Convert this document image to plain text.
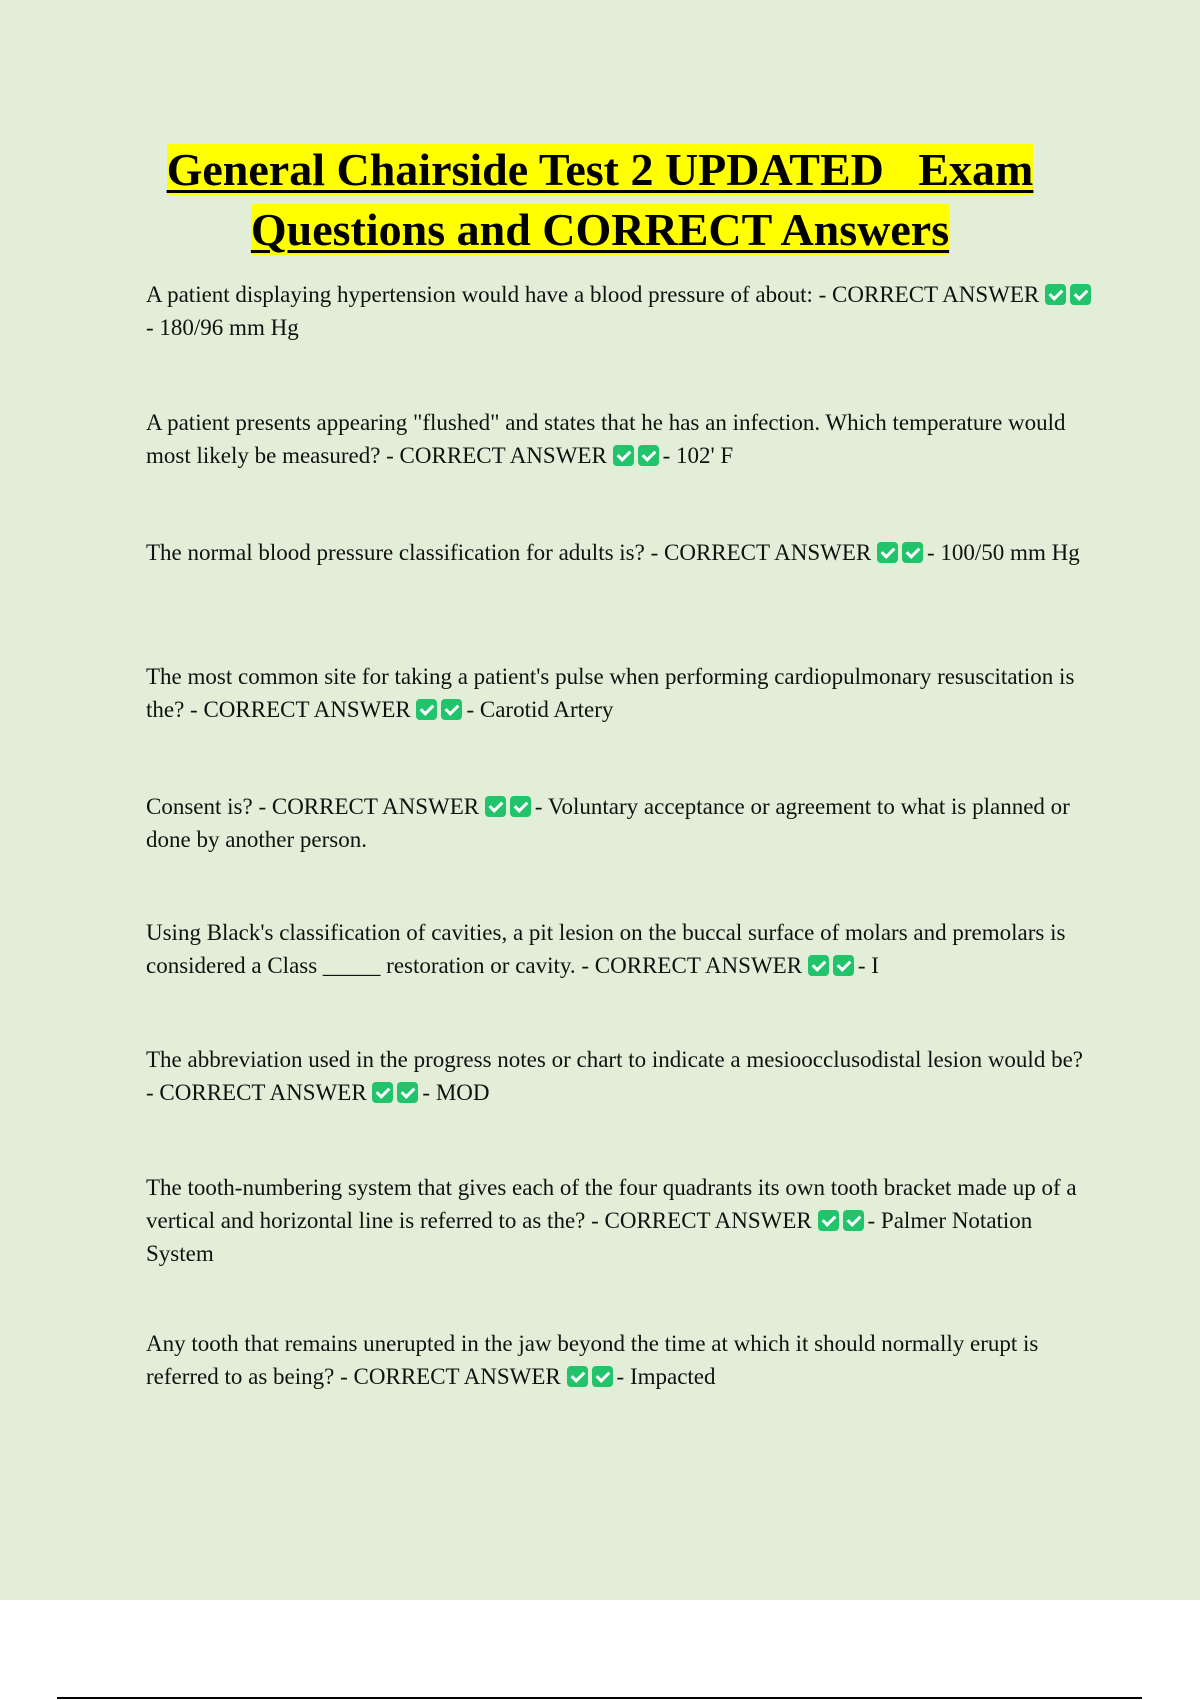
General Chairside Test 2 UPDATED   Exam
Questions and CORRECT Answers

A patient displaying hypertension would have a blood pressure of about: - CORRECT ANSWER - 180/96 mm Hg

A patient presents appearing "flushed" and states that he has an infection. Which temperature would most likely be measured? - CORRECT ANSWER - 102' F

The normal blood pressure classification for adults is? - CORRECT ANSWER - 100/50 mm Hg

The most common site for taking a patient's pulse when performing cardiopulmonary resuscitation is the? - CORRECT ANSWER - Carotid Artery

Consent is? - CORRECT ANSWER - Voluntary acceptance or agreement to what is planned or done by another person.

Using Black's classification of cavities, a pit lesion on the buccal surface of molars and premolars is considered a Class _____ restoration or cavity. - CORRECT ANSWER - I

The abbreviation used in the progress notes or chart to indicate a mesioocclusodistal lesion would be? - CORRECT ANSWER - MOD

The tooth-numbering system that gives each of the four quadrants its own tooth bracket made up of a vertical and horizontal line is referred to as the? - CORRECT ANSWER - Palmer Notation System

Any tooth that remains unerupted in the jaw beyond the time at which it should normally erupt is referred to as being? - CORRECT ANSWER - Impacted
